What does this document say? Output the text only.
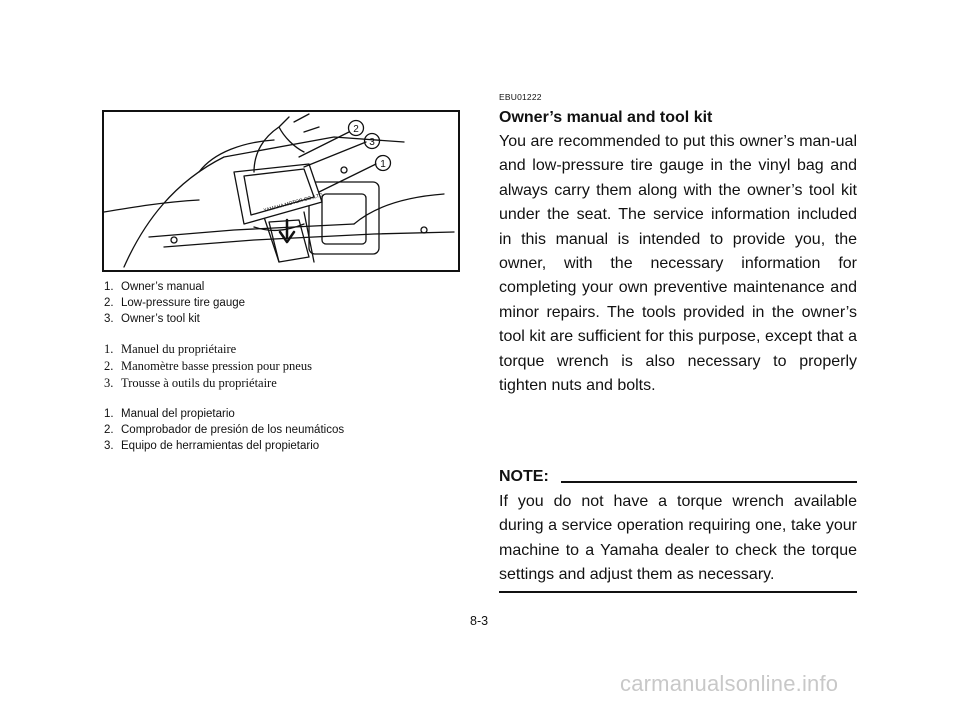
2
3
1
YAMAHA MOTOR CO.,LTD.
1. Owner’s manual
2. Low-pressure tire gauge
3. Owner’s tool kit
1. Manuel du propriétaire
2. Manomètre basse pression pour pneus
3. Trousse à outils du propriétaire
1. Manual del propietario
2. Comprobador de presión de los neumáticos
3. Equipo de herramientas del propietario
EBU01222
Owner’s manual and tool kit
You are recommended to put this owner’s man-ual and low-pressure tire gauge in the vinyl bag and always carry them along with the owner’s tool kit under the seat. The service information included in this manual is intended to provide you, the owner, with the necessary information for completing your own preventive maintenance and minor repairs. The tools provided in the owner’s tool kit are sufficient for this purpose, except that a torque wrench is also necessary to properly tighten nuts and bolts.
NOTE:
If you do not have a torque wrench available during a service operation requiring one, take your machine to a Yamaha dealer to check the torque settings and adjust them as necessary.
8-3
carmanualsonline.info
